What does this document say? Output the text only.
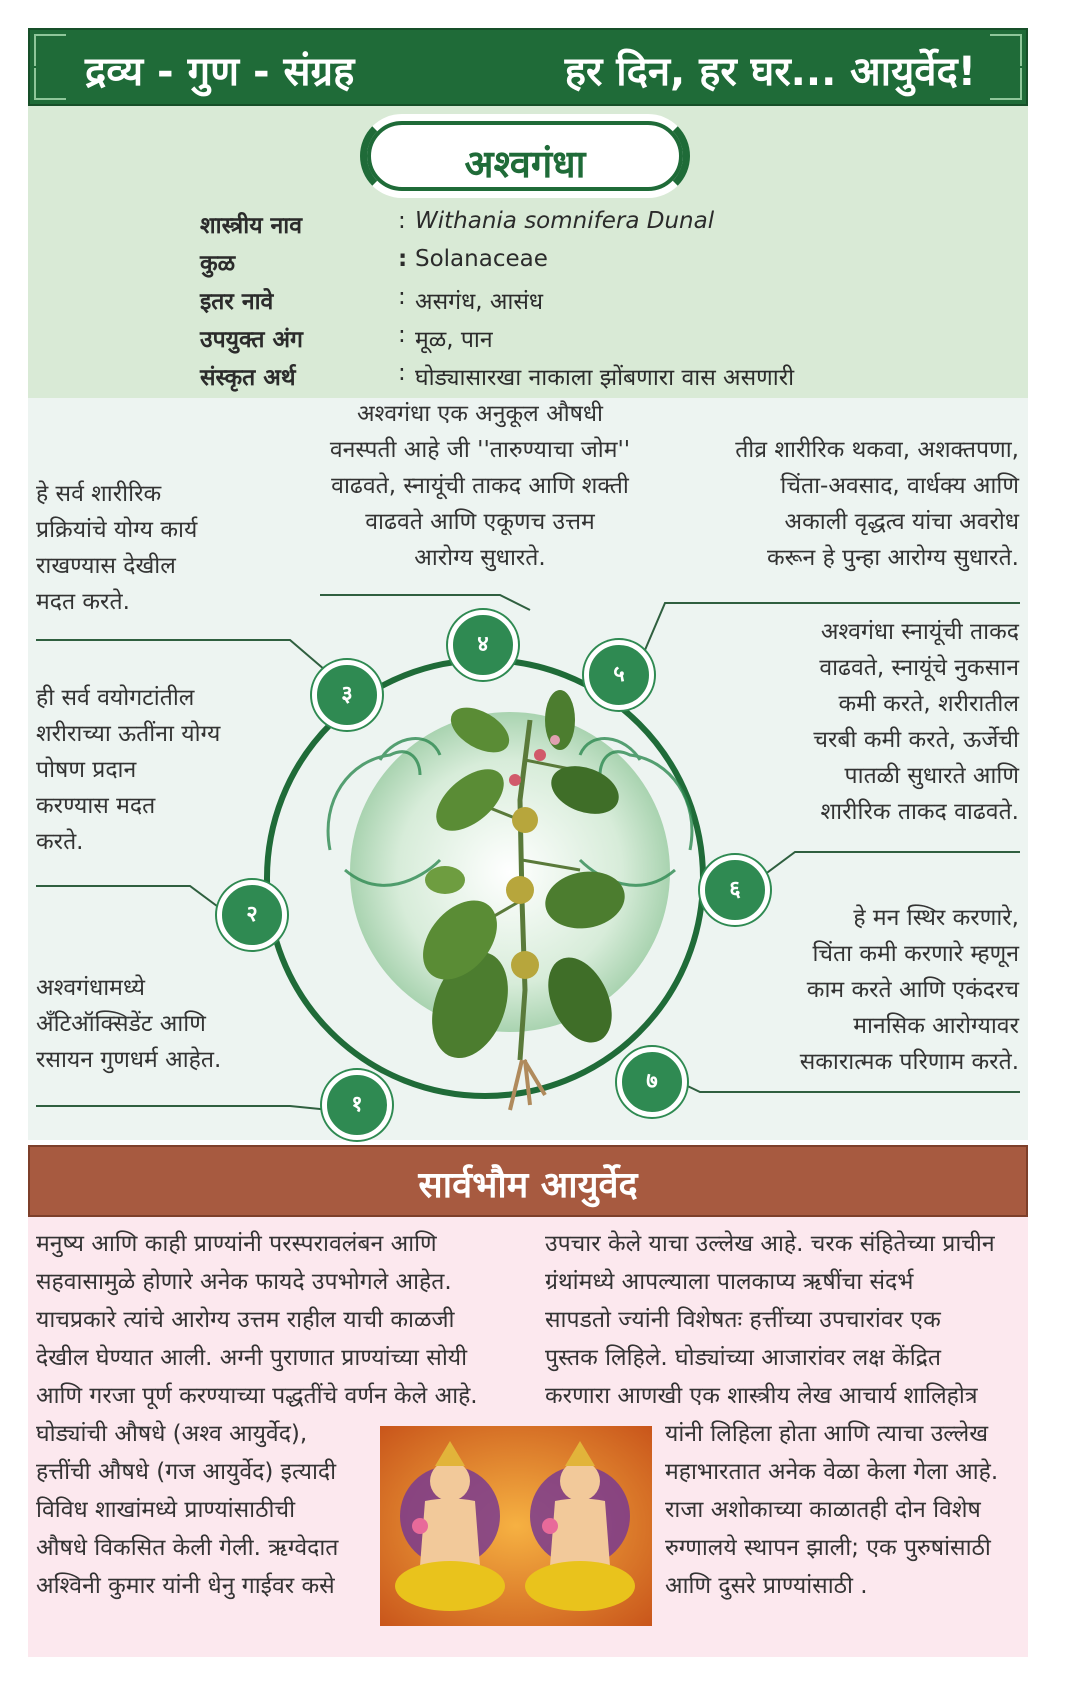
द्रव्य - गुण - संग्रह	हर दिन, हर घर... आयुर्वेद!
अश्वगंधा
शास्त्रीय नाव	: Withania somnifera Dunal
कुळ	: Solanaceae
इतर नावे	: असगंध, आसंध
उपयुक्त अंग	: मूळ, पान
संस्कृत अर्थ	: घोड्यासारखा नाकाला झोंबणारा वास असणारी
१
२
३
४
५
६
७
अश्वगंधामध्ये
अँटिऑक्सिडेंट आणि
रसायन गुणधर्म आहेत.
ही सर्व वयोगटांतील
शरीराच्या ऊतींना योग्य
पोषण प्रदान
करण्यास मदत
करते.
हे सर्व शारीरिक
प्रक्रियांचे योग्य कार्य
राखण्यास देखील
मदत करते.
अश्वगंधा एक अनुकूल औषधी
वनस्पती आहे जी ''तारुण्याचा जोम''
वाढवते, स्नायूंची ताकद आणि शक्ती
वाढवते आणि एकूणच उत्तम
आरोग्य सुधारते.
तीव्र शारीरिक थकवा, अशक्तपणा,
चिंता-अवसाद, वार्धक्य आणि
अकाली वृद्धत्व यांचा अवरोध
करून हे पुन्हा आरोग्य सुधारते.
अश्वगंधा स्नायूंची ताकद
वाढवते, स्नायूंचे नुकसान
कमी करते, शरीरातील
चरबी कमी करते, ऊर्जेची
पातळी सुधारते आणि
शारीरिक ताकद वाढवते.
हे मन स्थिर करणारे,
चिंता कमी करणारे म्हणून
काम करते आणि एकंदरच
मानसिक आरोग्यावर
सकारात्मक परिणाम करते.
सार्वभौम आयुर्वेद
मनुष्य आणि काही प्राण्यांनी परस्परावलंबन आणि
सहवासामुळे होणारे अनेक फायदे उपभोगले आहेत.
याचप्रकारे त्यांचे आरोग्य उत्तम राहील याची काळजी
देखील घेण्यात आली. अग्नी पुराणात प्राण्यांच्या सोयी
आणि गरजा पूर्ण करण्याच्या पद्धतींचे वर्णन केले आहे.
घोड्यांची औषधे (अश्व आयुर्वेद),
हत्तींची औषधे (गज आयुर्वेद) इत्यादी
विविध शाखांमध्ये प्राण्यांसाठीची
औषधे विकसित केली गेली. ऋग्वेदात
अश्विनी कुमार यांनी धेनु गाईवर कसे
उपचार केले याचा उल्लेख आहे. चरक संहितेच्या प्राचीन
ग्रंथांमध्ये आपल्याला पालकाप्य ऋषींचा संदर्भ
सापडतो ज्यांनी विशेषतः हत्तींच्या उपचारांवर एक
पुस्तक लिहिले. घोड्यांच्या आजारांवर लक्ष केंद्रित
करणारा आणखी एक शास्त्रीय लेख आचार्य शालिहोत्र
यांनी लिहिला होता आणि त्याचा उल्लेख
महाभारतात अनेक वेळा केला गेला आहे.
राजा अशोकाच्या काळातही दोन विशेष
रुग्णालये स्थापन झाली; एक पुरुषांसाठी
आणि दुसरे प्राण्यांसाठी .
